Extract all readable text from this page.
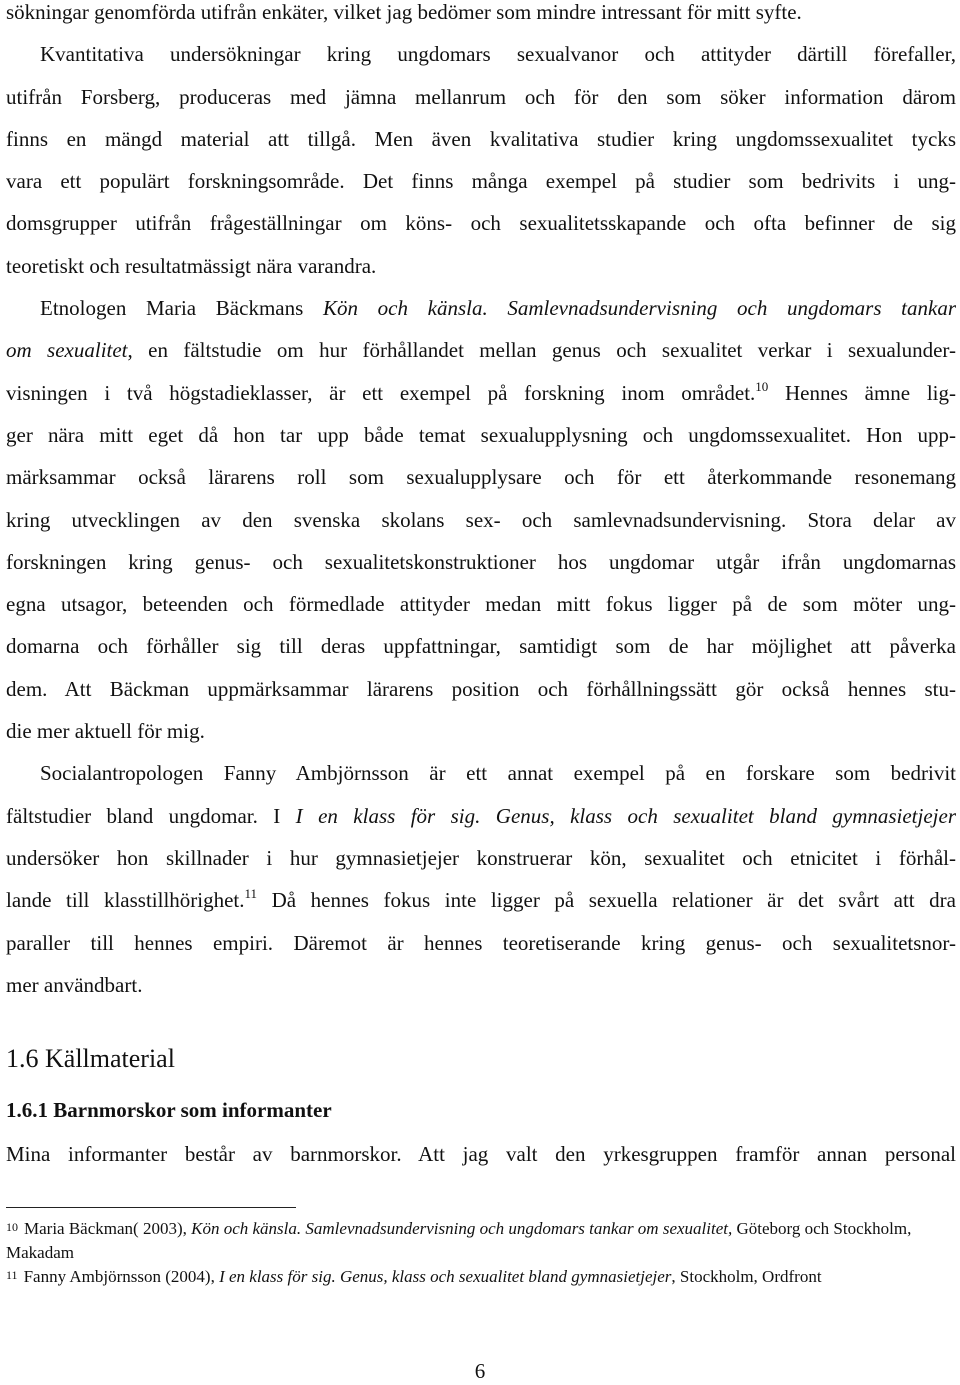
sökningar genomförda utifrån enkäter, vilket jag bedömer som mindre intressant för mitt syfte.
Kvantitativa undersökningar kring ungdomars sexualvanor och attityder därtill förefaller,
utifrån Forsberg, produceras med jämna mellanrum och för den som söker information därom
finns en mängd material att tillgå. Men även kvalitativa studier kring ungdomssexualitet tycks
vara ett populärt forskningsområde. Det finns många exempel på studier som bedrivits i ung-
domsgrupper utifrån frågeställningar om köns- och sexualitetsskapande och ofta befinner de sig
teoretiskt och resultatmässigt nära varandra.
Etnologen Maria Bäckmans Kön och känsla. Samlevnadsundervisning och ungdomars tankar
om sexualitet, en fältstudie om hur förhållandet mellan genus och sexualitet verkar i sexualunder-
visningen i två högstadieklasser, är ett exempel på forskning inom området.$^{10}$ Hennes ämne lig-
ger nära mitt eget då hon tar upp både temat sexualupplysning och ungdomssexualitet. Hon upp-
märksammar också lärarens roll som sexualupplysare och för ett återkommande resonemang
kring utvecklingen av den svenska skolans sex- och samlevnadsundervisning. Stora delar av
forskningen kring genus- och sexualitetskonstruktioner hos ungdomar utgår ifrån ungdomarnas
egna utsagor, beteenden och förmedlade attityder medan mitt fokus ligger på de som möter ung-
domarna och förhåller sig till deras uppfattningar, samtidigt som de har möjlighet att påverka
dem. Att Bäckman uppmärksammar lärarens position och förhållningssätt gör också hennes stu-
die mer aktuell för mig.
Socialantropologen Fanny Ambjörnsson är ett annat exempel på en forskare som bedrivit
fältstudier bland ungdomar. I I en klass för sig. Genus, klass och sexualitet bland gymnasietjejer
undersöker hon skillnader i hur gymnasietjejer konstruerar kön, sexualitet och etnicitet i förhål-
lande till klasstillhörighet.$^{11}$ Då hennes fokus inte ligger på sexuella relationer är det svårt att dra
paraller till hennes empiri. Däremot är hennes teoretiserande kring genus- och sexualitetsnor-
mer användbart.
1.6 Källmaterial
1.6.1 Barnmorskor som informanter
Mina informanter består av barnmorskor. Att jag valt den yrkesgruppen framför annan personal
$^{10}$ Maria Bäckman( 2003), Kön och känsla. Samlevnadsundervisning och ungdomars tankar om sexualitet, Göteborg och Stockholm, Makadam
$^{11}$ Fanny Ambjörnsson (2004), I en klass för sig. Genus, klass och sexualitet bland gymnasietjejer, Stockholm, Ordfront
6
